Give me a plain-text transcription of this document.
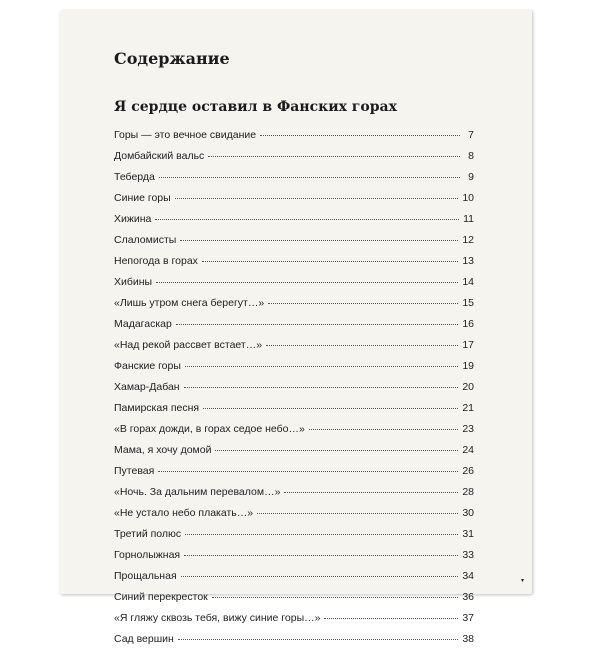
Содержание
Я сердце оставил в Фанских горах
Горы — это вечное свидание	7
Домбайский вальс	8
Теберда	9
Синие горы	10
Хижина	11
Слаломисты	12
Непогода в горах	13
Хибины	14
«Лишь утром снега берегут…»	15
Мадагаскар	16
«Над рекой рассвет встает…»	17
Фанские горы	19
Хамар-Дабан	20
Памирская песня	21
«В горах дожди, в горах седое небо…»	23
Мама, я хочу домой	24
Путевая	26
«Ночь. За дальним перевалом…»	28
«Не устало небо плакать…»	30
Третий полюс	31
Горнолыжная	33
Прощальная	34
Синий перекресток	36
«Я гляжу сквозь тебя, вижу синие горы…»	37
Сад вершин	38
▾
